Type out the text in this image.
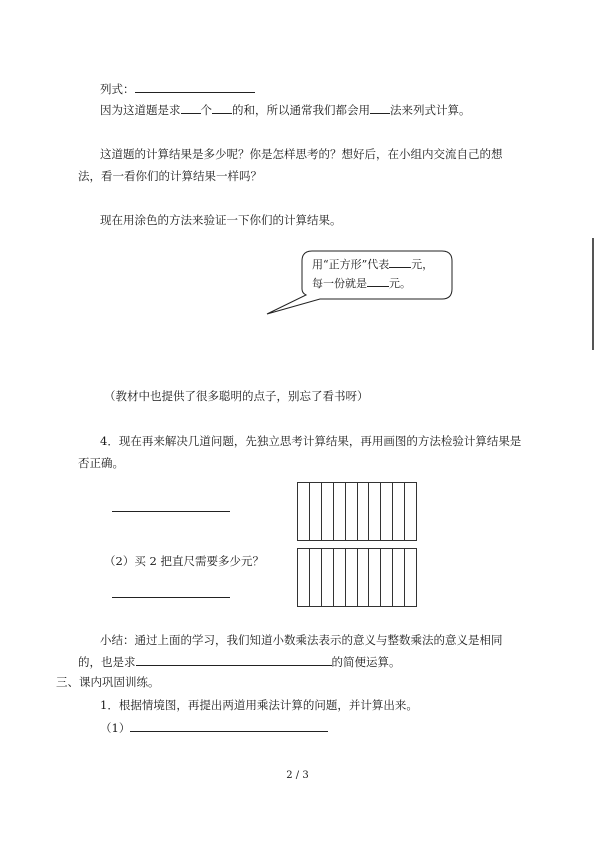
列式：
因为这道题是求 个 的和，所以通常我们都会用 法来列式计算。
这道题的计算结果是多少呢？你是怎样思考的？想好后，在小组内交流自己的想
法，看一看你们的计算结果一样吗？
现在用涂色的方法来验证一下你们的计算结果。
用“正方形”代表 元，
每一份就是 元。
（教材中也提供了很多聪明的点子，别忘了看书呀）
4．现在再来解决几道问题，先独立思考计算结果，再用画图的方法检验计算结果是
否正确。
（2）买 2 把直尺需要多少元？
小结：通过上面的学习，我们知道小数乘法表示的意义与整数乘法的意义是相同
的，也是求	的简便运算。
三、课内巩固训练。
1．根据情境图，再提出两道用乘法计算的问题，并计算出来。
（1）
2 / 3
